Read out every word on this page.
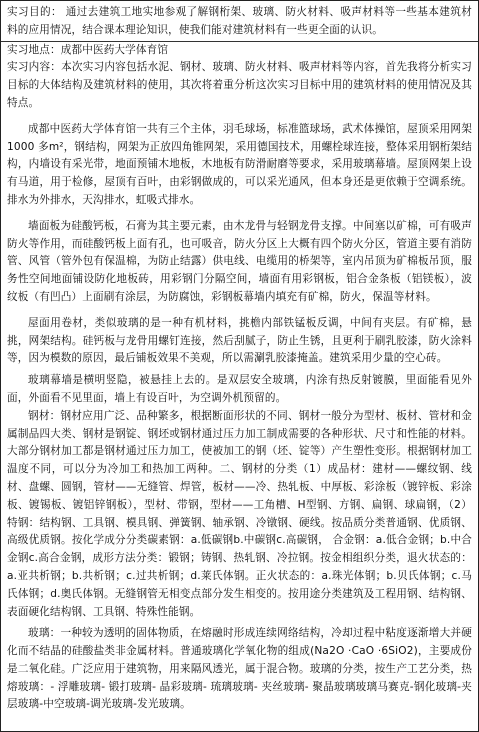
实习目的： 通过去建筑工地实地参观了解钢桁架、玻璃、防火材料、吸声材料等一些基本建筑材料的应用情况，结合课本理论知识，使我们能对建筑材料有一些更全面的认识。

实习地点：成都中医药大学体育馆

实习内容：本次实习内容包括水泥、钢材、玻璃、防火材料、吸声材料等内容，首先我将分析实习目标的大体结构及建筑材料的使用，其次将着重分析这次实习目标中用的建筑材料的使用情况及其特点。

成都中医药大学体育馆一共有三个主体，羽毛球场，标准篮球场，武术体操馆，屋顶采用网架 1000 多m²，钢结构，网架为正放四角锥网架，采用德国技术，用螺栓球连接，整体采用钢桁架结构，内墙设有采光带，地面预铺木地板，木地板有防滑耐磨等要求，采用玻璃幕墙。屋顶网架上设有马道，用于检修，屋顶有百叶，由彩钢做成的，可以采光通风，但本身还是更依赖于空调系统。排水为外排水，天沟排水，虹吸式排水。

墙面板为硅酸钙板，石膏为其主要元素，由木龙骨与轻钢龙骨支撑。中间塞以矿棉，可有吸声防火等作用，而硅酸钙板上面有孔，也可吸音，防火分区上大概有四个防火分区，管道主要有消防管、风管（管外包有保温棉，为防止结露）供电线、电缆用的桥架等，室内吊顶为矿棉板吊顶，服务性空间地面铺设防化地板砖，用彩钢门分隔空间，墙面有用彩钢板，铝合金条板（铝镁板），波纹板（有凹凸）上面刷有涂层，为防腐蚀，彩钢板幕墙内填充有矿棉，防火，保温等材料。

屋面用卷材，类似玻璃的是一种有机材料，挑檐内部铁锰板反调，中间有夹层。有矿棉，悬挑，网架结构。硅钙板与龙骨用螺钉连接，然后刮腻子，防止生锈，且更利于刷乳胶漆，防火涂料等，因为模数的原因，最后铺板效果不美观，所以需涮乳胶漆掩盖。建筑采用少量的空心砖。

玻璃幕墙是横明竖隐，被悬挂上去的。是双层安全玻璃，内涂有热反射镀膜，里面能看见外面，外面看不见里面，墙上有设百叶，为空调外机预留的。

钢材：钢材应用广泛、品种繁多，根据断面形状的不同、钢材一般分为型材、板材、管材和金属制品四大类、钢材是钢锭、钢坯或钢材通过压力加工制成需要的各种形状、尺寸和性能的材料。大部分钢材加工都是钢材通过压力加工，使被加工的钢（坯、锭等）产生塑性变形。根据钢材加工温度不同，可以分为冷加工和热加工两种。二、钢材的分类（1）成品材：建材——螺纹钢、线材、盘螺、圆钢，管材——无缝管、焊管，板材——冷、热轧板、中厚板、彩涂板（镀锌板、彩涂板、镀锡板、镀铝锌钢板），型材、带钢，型材——工角槽、H型钢、方钢、扁钢、球扁钢，（2）特钢：结构钢、工具钢、模具钢、弹簧钢、轴承钢、冷镦钢、硬线。按品质分类普通钢、优质钢、高级优质钢。按化学成分分类碳素钢：a.低碳钢b.中碳钢c.高碳钢， 合金钢：a.低合金钢；b.中合金钢c.高合金钢，成形方法分类：锻钢；铸钢、热轧钢、冷拉钢。按金相组织分类，退火状态的：a.亚共析钢；b.共析钢；c.过共析钢；d.莱氏体钢。正火状态的：a.珠光体钢；b.贝氏体钢；c.马氏体钢；d.奥氏体钢。无缝钢管无相变点部分发生相变的。按用途分类建筑及工程用钢、结构钢、表面硬化结构钢、工具钢、特殊性能钢。

玻璃：一种较为透明的固体物质，在熔融时形成连续网络结构，冷却过程中粘度逐渐增大并硬化而不结晶的硅酸盐类非金属材料。普通玻璃化学氧化物的组成(Na2O ·CaO ·6SiO2)，主要成份是二氧化硅。广泛应用于建筑物，用来隔风透光，属于混合物。玻璃的分类，按生产工艺分类，热熔玻璃：- 浮雕玻璃- 锻打玻璃- 晶彩玻璃- 琉璃玻璃- 夹丝玻璃- 聚晶玻璃玻璃马赛克-钢化玻璃-夹层玻璃-中空玻璃-调光玻璃-发光玻璃。
